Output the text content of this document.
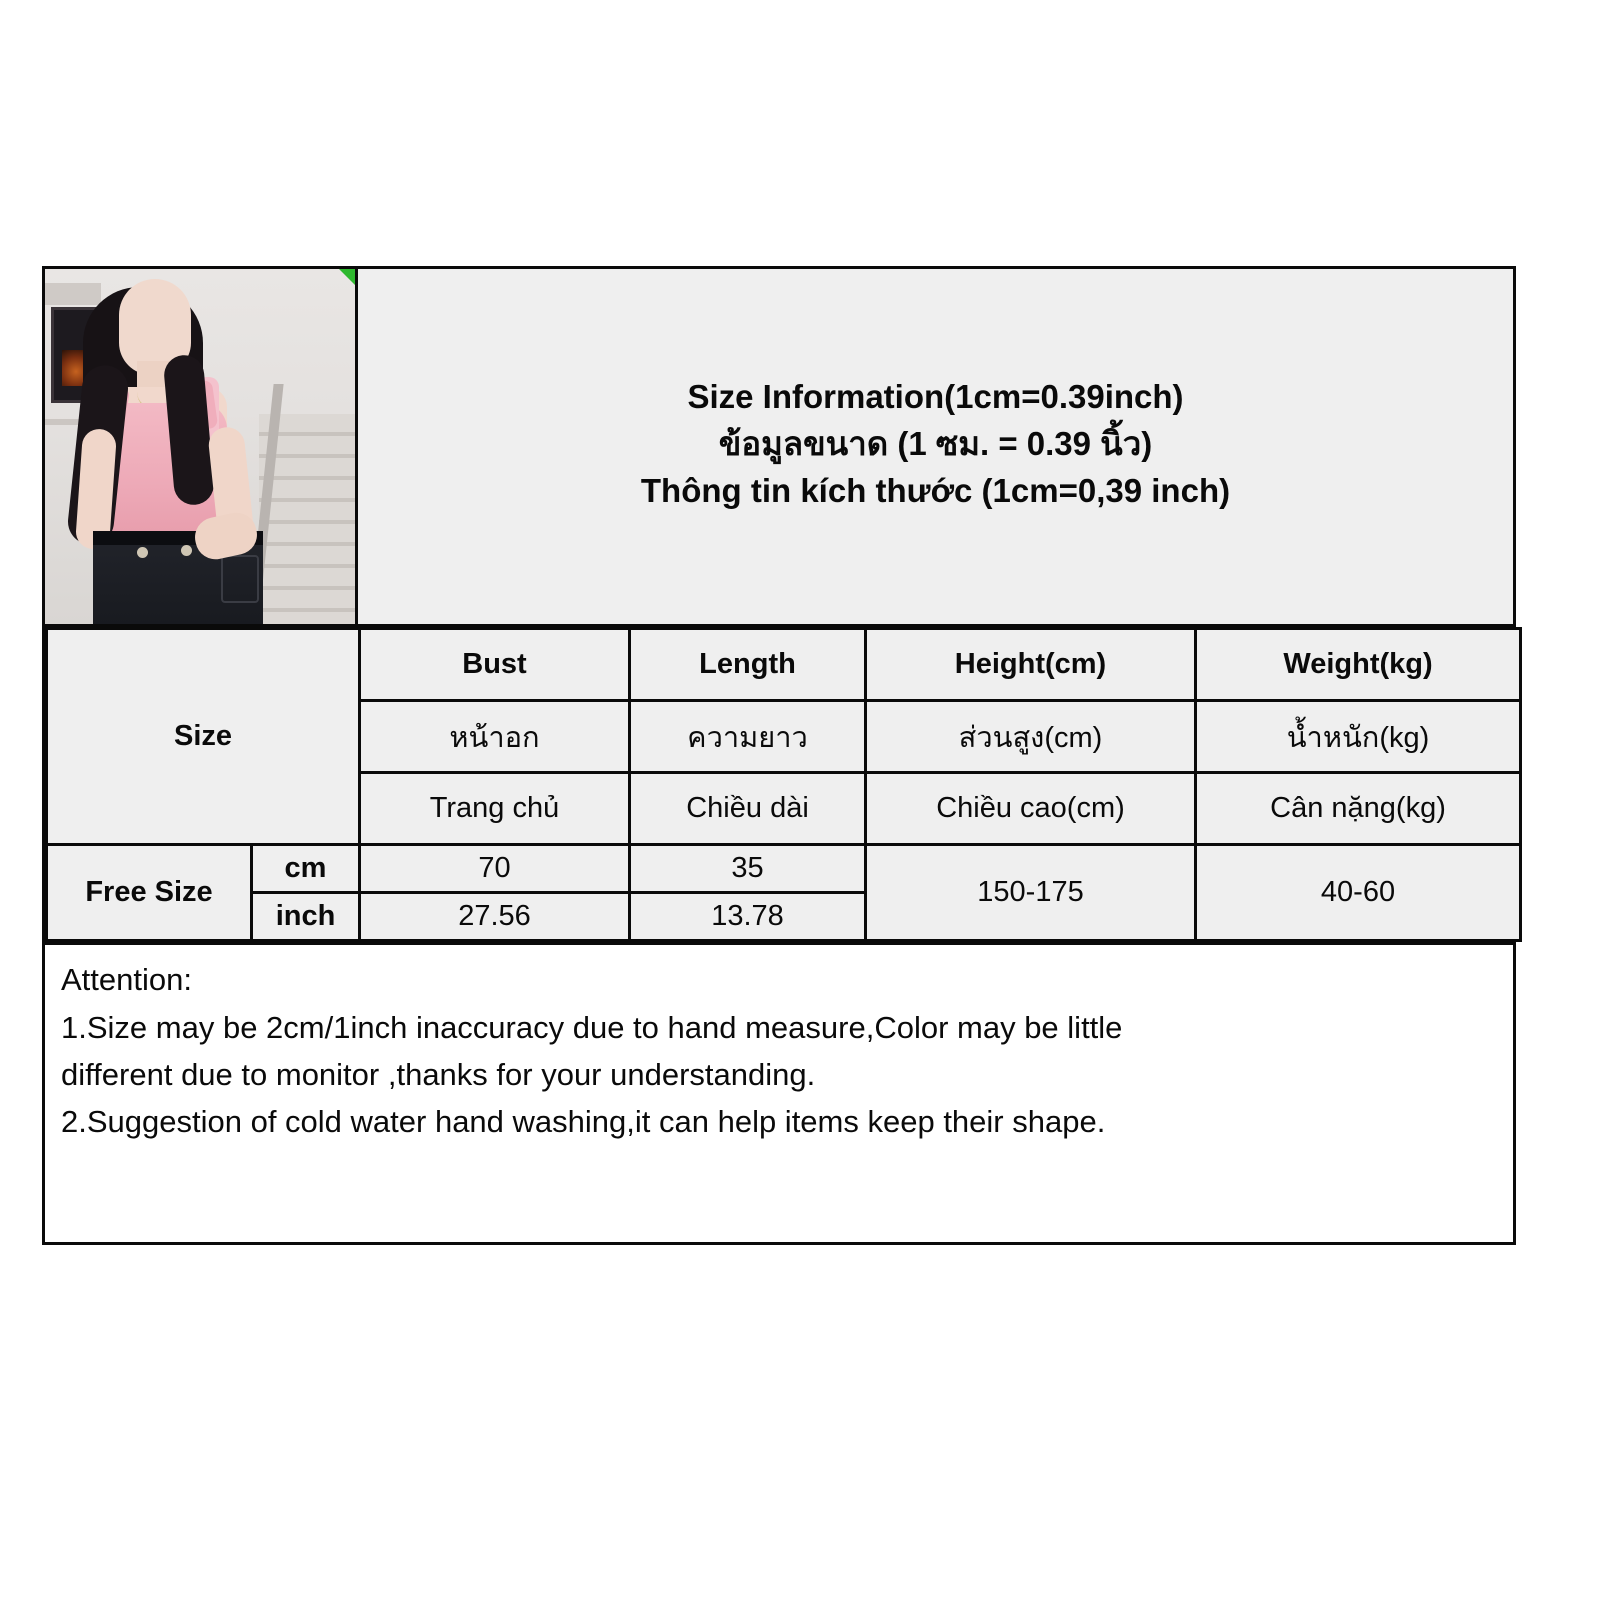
Size Information(1cm=0.39inch)
ข้อมูลขนาด (1 ซม. = 0.39 นิ้ว)
Thông tin kích thước (1cm=0,39 inch)
Size		Bust	Length	Height(cm)	Weight(kg)
		หน้าอก	ความยาว	ส่วนสูง(cm)	น้ำหนัก(kg)
		Trang chủ	Chiều dài	Chiều cao(cm)	Cân nặng(kg)
Free Size	cm	70	35	150-175	40-60
	inch	27.56	13.78		
Attention:
1.Size may be 2cm/1inch inaccuracy due to hand measure,Color may be little
different due to monitor ,thanks for your understanding.
2.Suggestion of cold water hand washing,it can help items keep their shape.
